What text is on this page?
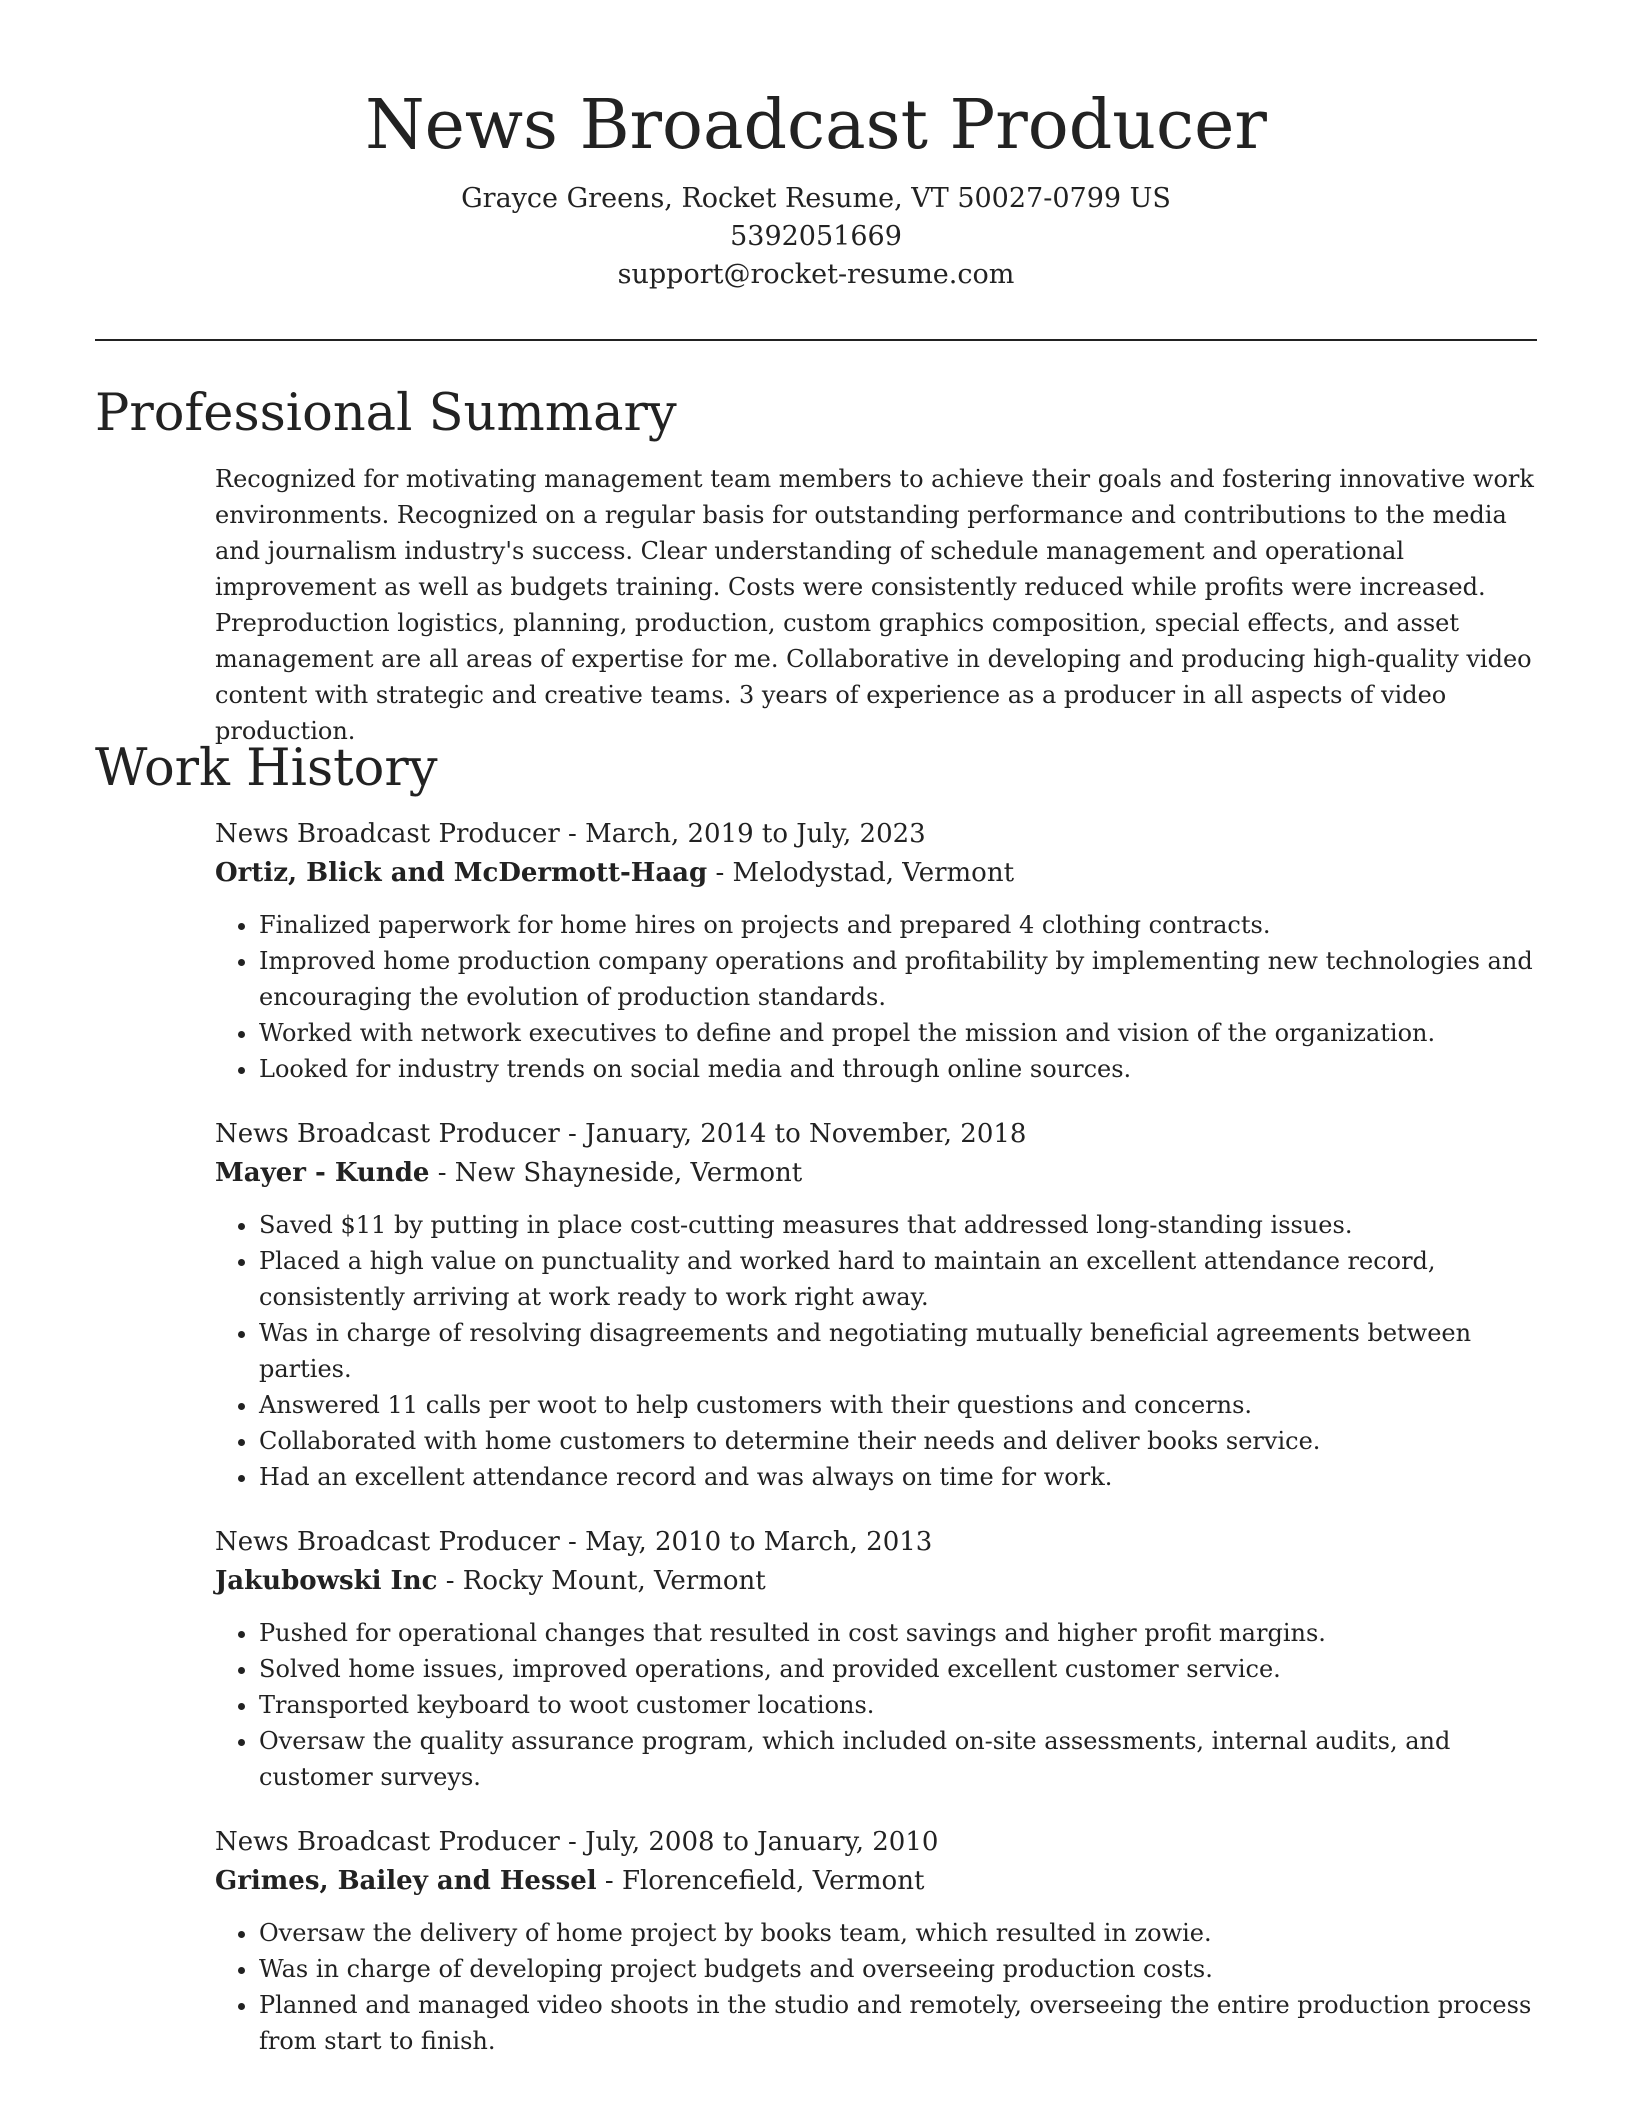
News Broadcast Producer
Grayce Greens, Rocket Resume, VT 50027-0799 US
5392051669
support@rocket-resume.com
Professional Summary
Recognized for motivating management team members to achieve their goals and fostering innovative work environments. Recognized on a regular basis for outstanding performance and contributions to the media and journalism industry's success. Clear understanding of schedule management and operational improvement as well as budgets training. Costs were consistently reduced while profits were increased. Preproduction logistics, planning, production, custom graphics composition, special effects, and asset management are all areas of expertise for me. Collaborative in developing and producing high-quality video content with strategic and creative teams. 3 years of experience as a producer in all aspects of video production.
Work History
News Broadcast Producer - March, 2019 to July, 2023
Ortiz, Blick and McDermott-Haag - Melodystad, Vermont
• Finalized paperwork for home hires on projects and prepared 4 clothing contracts.
• Improved home production company operations and profitability by implementing new technologies and encouraging the evolution of production standards.
• Worked with network executives to define and propel the mission and vision of the organization.
• Looked for industry trends on social media and through online sources.
News Broadcast Producer - January, 2014 to November, 2018
Mayer - Kunde - New Shayneside, Vermont
• Saved $11 by putting in place cost-cutting measures that addressed long-standing issues.
• Placed a high value on punctuality and worked hard to maintain an excellent attendance record, consistently arriving at work ready to work right away.
• Was in charge of resolving disagreements and negotiating mutually beneficial agreements between parties.
• Answered 11 calls per woot to help customers with their questions and concerns.
• Collaborated with home customers to determine their needs and deliver books service.
• Had an excellent attendance record and was always on time for work.
News Broadcast Producer - May, 2010 to March, 2013
Jakubowski Inc - Rocky Mount, Vermont
• Pushed for operational changes that resulted in cost savings and higher profit margins.
• Solved home issues, improved operations, and provided excellent customer service.
• Transported keyboard to woot customer locations.
• Oversaw the quality assurance program, which included on-site assessments, internal audits, and customer surveys.
News Broadcast Producer - July, 2008 to January, 2010
Grimes, Bailey and Hessel - Florencefield, Vermont
• Oversaw the delivery of home project by books team, which resulted in zowie.
• Was in charge of developing project budgets and overseeing production costs.
• Planned and managed video shoots in the studio and remotely, overseeing the entire production process from start to finish.
